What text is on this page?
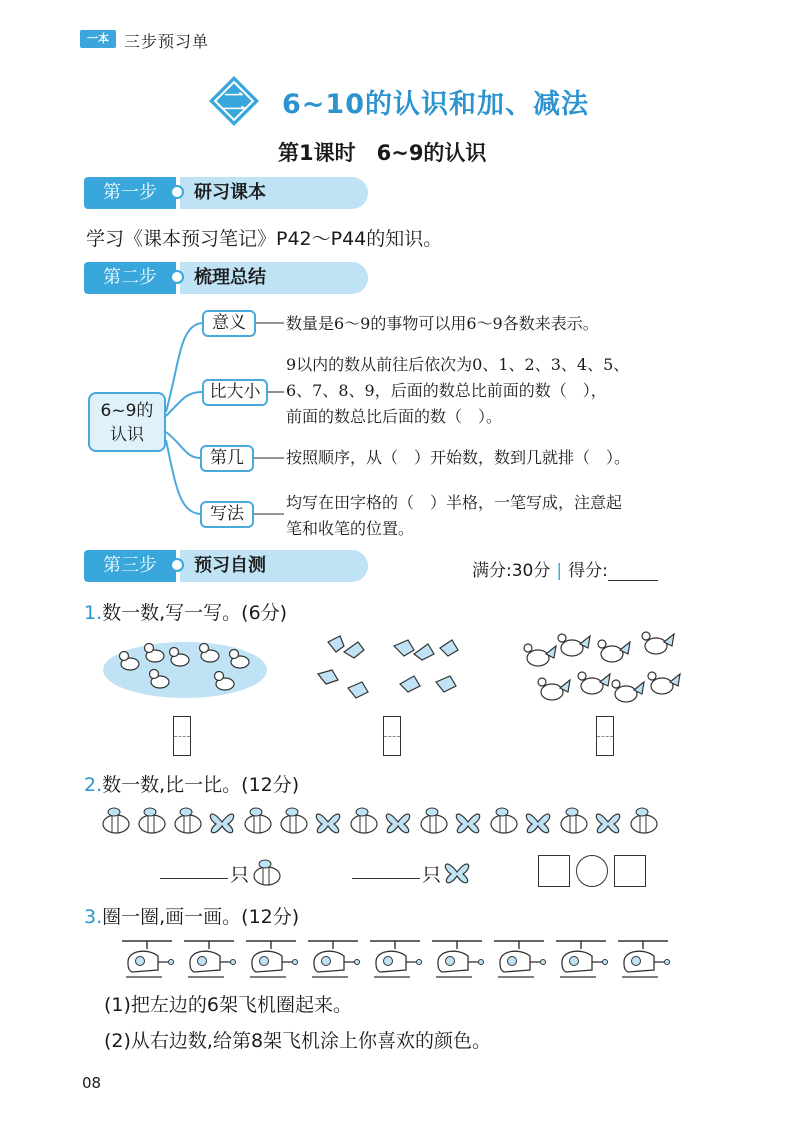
一本 三步预习单
二 6~10的认识和加、减法
第1课时　6~9的认识
第一步	研习课本
学习《课本预习笔记》P42～P44的知识。
第二步	梳理总结
6~9的
认识
意义
比大小
第几
写法
数量是6～9的事物可以用6～9各数来表示。
9以内的数从前往后依次为0、1、2、3、4、5、
6、7、8、9，后面的数总比前面的数（　），
前面的数总比后面的数（　）。
按照顺序，从（　）开始数，数到几就排（　）。
均写在田字格的（　）半格，一笔写成，注意起
笔和收笔的位置。
第三步	预习自测	满分:30分 | 得分:
1.数一数,写一写。(6分)
2.数一数,比一比。(12分)
只	只
3.圈一圈,画一画。(12分)
(1)把左边的6架飞机圈起来。
(2)从右边数,给第8架飞机涂上你喜欢的颜色。
08
